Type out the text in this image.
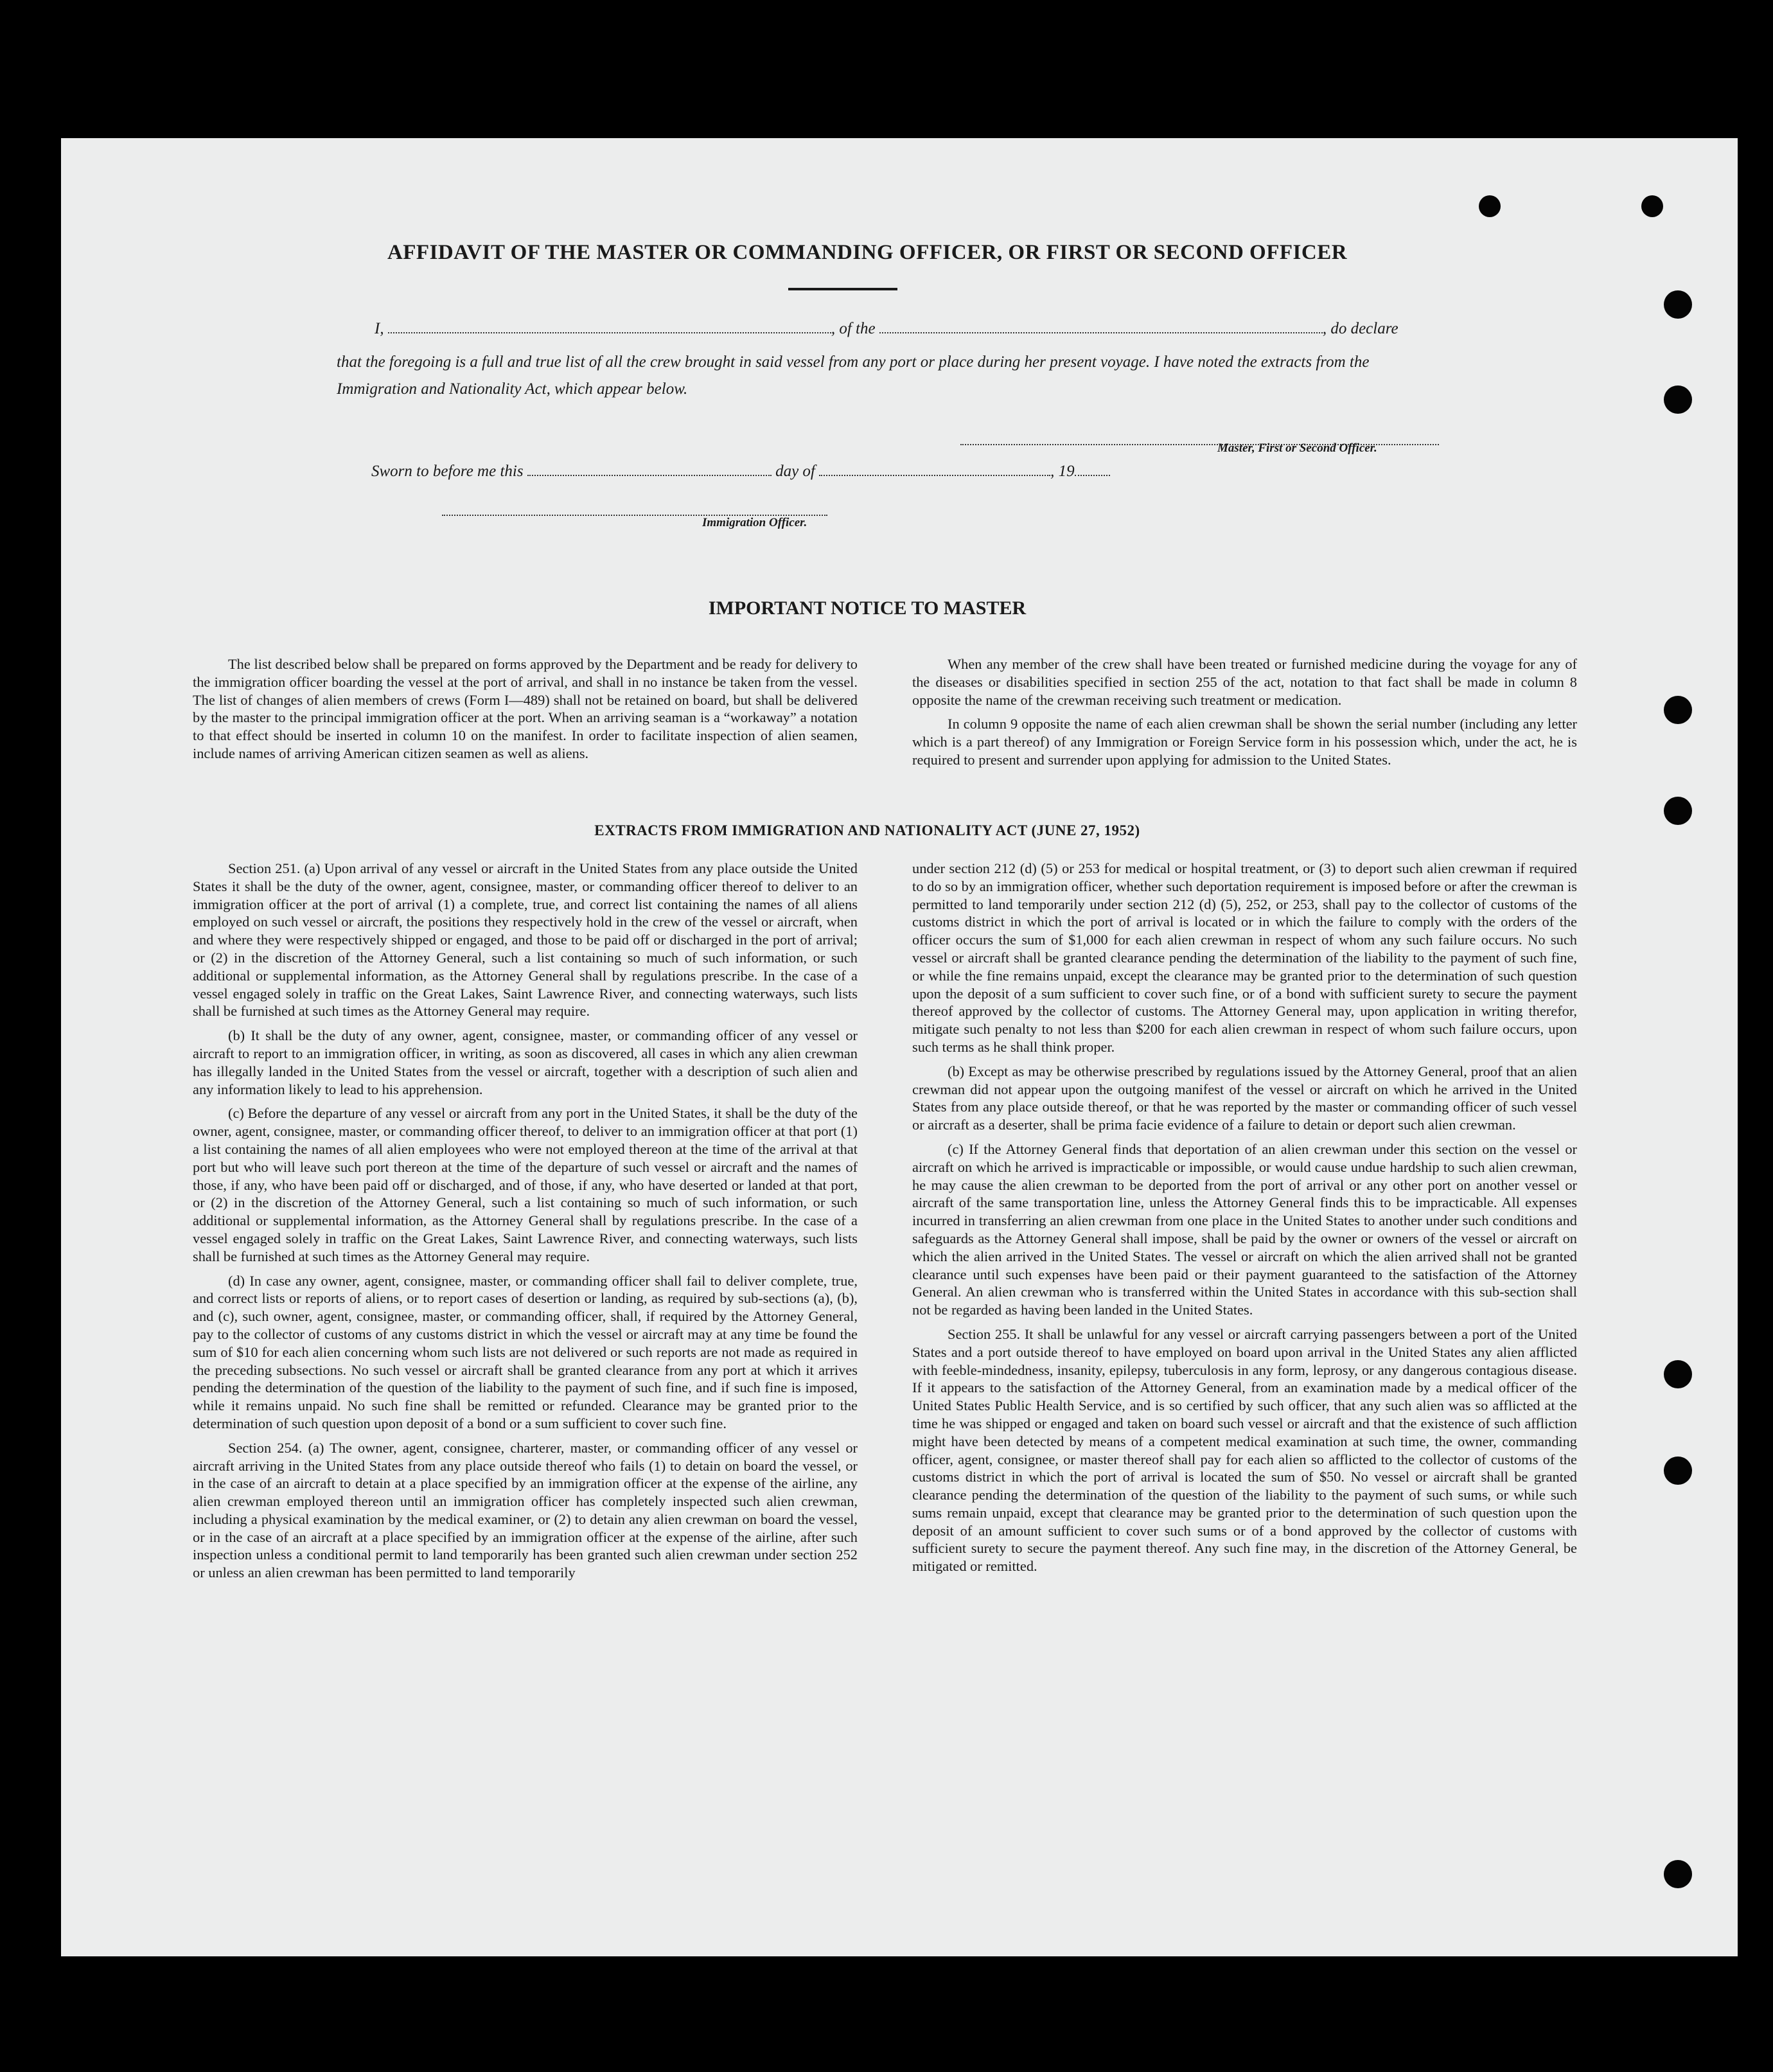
AFFIDAVIT OF THE MASTER OR COMMANDING OFFICER, OR FIRST OR SECOND OFFICER
I,	, of the	, do declare
that the foregoing is a full and true list of all the crew brought in said vessel from any port or place during her present voyage. I have noted the extracts from the Immigration and Nationality Act, which appear below.
Master, First or Second Officer.
Sworn to before me this	day of	, 19
Immigration Officer.
IMPORTANT NOTICE TO MASTER

The list described below shall be prepared on forms approved by the Department and be ready for delivery to the immigration officer boarding the vessel at the port of arrival, and shall in no instance be taken from the vessel. The list of changes of alien members of crews (Form I—489) shall not be retained on board, but shall be delivered by the master to the principal immigration officer at the port. When an arriving seaman is a “workaway” a notation to that effect should be inserted in column 10 on the manifest. In order to facilitate inspection of alien seamen, include names of arriving American citizen seamen as well as aliens.

When any member of the crew shall have been treated or furnished medicine during the voyage for any of the diseases or disabilities specified in section 255 of the act, notation to that fact shall be made in column 8 opposite the name of the crewman receiving such treatment or medication.

In column 9 opposite the name of each alien crewman shall be shown the serial number (including any letter which is a part thereof) of any Immigration or Foreign Service form in his possession which, under the act, he is required to present and surrender upon applying for admission to the United States.

EXTRACTS FROM IMMIGRATION AND NATIONALITY ACT (JUNE 27, 1952)

Section 251. (a) Upon arrival of any vessel or aircraft in the United States from any place outside the United States it shall be the duty of the owner, agent, consignee, master, or commanding officer thereof to deliver to an immigration officer at the port of arrival (1) a complete, true, and correct list containing the names of all aliens employed on such vessel or aircraft, the positions they respectively hold in the crew of the vessel or aircraft, when and where they were respectively shipped or engaged, and those to be paid off or discharged in the port of arrival; or (2) in the discretion of the Attorney General, such a list containing so much of such information, or such additional or supplemental information, as the Attorney General shall by regulations prescribe. In the case of a vessel engaged solely in traffic on the Great Lakes, Saint Lawrence River, and connecting waterways, such lists shall be furnished at such times as the Attorney General may require.

(b) It shall be the duty of any owner, agent, consignee, master, or commanding officer of any vessel or aircraft to report to an immigration officer, in writing, as soon as discovered, all cases in which any alien crewman has illegally landed in the United States from the vessel or aircraft, together with a description of such alien and any information likely to lead to his apprehension.

(c) Before the departure of any vessel or aircraft from any port in the United States, it shall be the duty of the owner, agent, consignee, master, or commanding officer thereof, to deliver to an immigration officer at that port (1) a list containing the names of all alien employees who were not employed thereon at the time of the arrival at that port but who will leave such port thereon at the time of the departure of such vessel or aircraft and the names of those, if any, who have been paid off or discharged, and of those, if any, who have deserted or landed at that port, or (2) in the discretion of the Attorney General, such a list containing so much of such information, or such additional or supplemental information, as the Attorney General shall by regulations prescribe. In the case of a vessel engaged solely in traffic on the Great Lakes, Saint Lawrence River, and connecting waterways, such lists shall be furnished at such times as the Attorney General may require.

(d) In case any owner, agent, consignee, master, or commanding officer shall fail to deliver complete, true, and correct lists or reports of aliens, or to report cases of desertion or landing, as required by sub-sections (a), (b), and (c), such owner, agent, consignee, master, or commanding officer, shall, if required by the Attorney General, pay to the collector of customs of any customs district in which the vessel or aircraft may at any time be found the sum of $10 for each alien concerning whom such lists are not delivered or such reports are not made as required in the preceding subsections. No such vessel or aircraft shall be granted clearance from any port at which it arrives pending the determination of the question of the liability to the payment of such fine, and if such fine is imposed, while it remains unpaid. No such fine shall be remitted or refunded. Clearance may be granted prior to the determination of such question upon deposit of a bond or a sum sufficient to cover such fine.

Section 254. (a) The owner, agent, consignee, charterer, master, or commanding officer of any vessel or aircraft arriving in the United States from any place outside thereof who fails (1) to detain on board the vessel, or in the case of an aircraft to detain at a place specified by an immigration officer at the expense of the airline, any alien crewman employed thereon until an immigration officer has completely inspected such alien crewman, including a physical examination by the medical examiner, or (2) to detain any alien crewman on board the vessel, or in the case of an aircraft at a place specified by an immigration officer at the expense of the airline, after such inspection unless a conditional permit to land temporarily has been granted such alien crewman under section 252 or unless an alien crewman has been permitted to land temporarily

under section 212 (d) (5) or 253 for medical or hospital treatment, or (3) to deport such alien crewman if required to do so by an immigration officer, whether such deportation requirement is imposed before or after the crewman is permitted to land temporarily under section 212 (d) (5), 252, or 253, shall pay to the collector of customs of the customs district in which the port of arrival is located or in which the failure to comply with the orders of the officer occurs the sum of $1,000 for each alien crewman in respect of whom any such failure occurs. No such vessel or aircraft shall be granted clearance pending the determination of the liability to the payment of such fine, or while the fine remains unpaid, except the clearance may be granted prior to the determination of such question upon the deposit of a sum sufficient to cover such fine, or of a bond with sufficient surety to secure the payment thereof approved by the collector of customs. The Attorney General may, upon application in writing therefor, mitigate such penalty to not less than $200 for each alien crewman in respect of whom such failure occurs, upon such terms as he shall think proper.

(b) Except as may be otherwise prescribed by regulations issued by the Attorney General, proof that an alien crewman did not appear upon the outgoing manifest of the vessel or aircraft on which he arrived in the United States from any place outside thereof, or that he was reported by the master or commanding officer of such vessel or aircraft as a deserter, shall be prima facie evidence of a failure to detain or deport such alien crewman.

(c) If the Attorney General finds that deportation of an alien crewman under this section on the vessel or aircraft on which he arrived is impracticable or impossible, or would cause undue hardship to such alien crewman, he may cause the alien crewman to be deported from the port of arrival or any other port on another vessel or aircraft of the same transportation line, unless the Attorney General finds this to be impracticable. All expenses incurred in transferring an alien crewman from one place in the United States to another under such conditions and safeguards as the Attorney General shall impose, shall be paid by the owner or owners of the vessel or aircraft on which the alien arrived in the United States. The vessel or aircraft on which the alien arrived shall not be granted clearance until such expenses have been paid or their payment guaranteed to the satisfaction of the Attorney General. An alien crewman who is transferred within the United States in accordance with this sub-section shall not be regarded as having been landed in the United States.

Section 255. It shall be unlawful for any vessel or aircraft carrying passengers between a port of the United States and a port outside thereof to have employed on board upon arrival in the United States any alien afflicted with feeble-mindedness, insanity, epilepsy, tuberculosis in any form, leprosy, or any dangerous contagious disease. If it appears to the satisfaction of the Attorney General, from an examination made by a medical officer of the United States Public Health Service, and is so certified by such officer, that any such alien was so afflicted at the time he was shipped or engaged and taken on board such vessel or aircraft and that the existence of such affliction might have been detected by means of a competent medical examination at such time, the owner, commanding officer, agent, consignee, or master thereof shall pay for each alien so afflicted to the collector of customs of the customs district in which the port of arrival is located the sum of $50. No vessel or aircraft shall be granted clearance pending the determination of the question of the liability to the payment of such sums, or while such sums remain unpaid, except that clearance may be granted prior to the determination of such question upon the deposit of an amount sufficient to cover such sums or of a bond approved by the collector of customs with sufficient surety to secure the payment thereof. Any such fine may, in the discretion of the Attorney General, be mitigated or remitted.
